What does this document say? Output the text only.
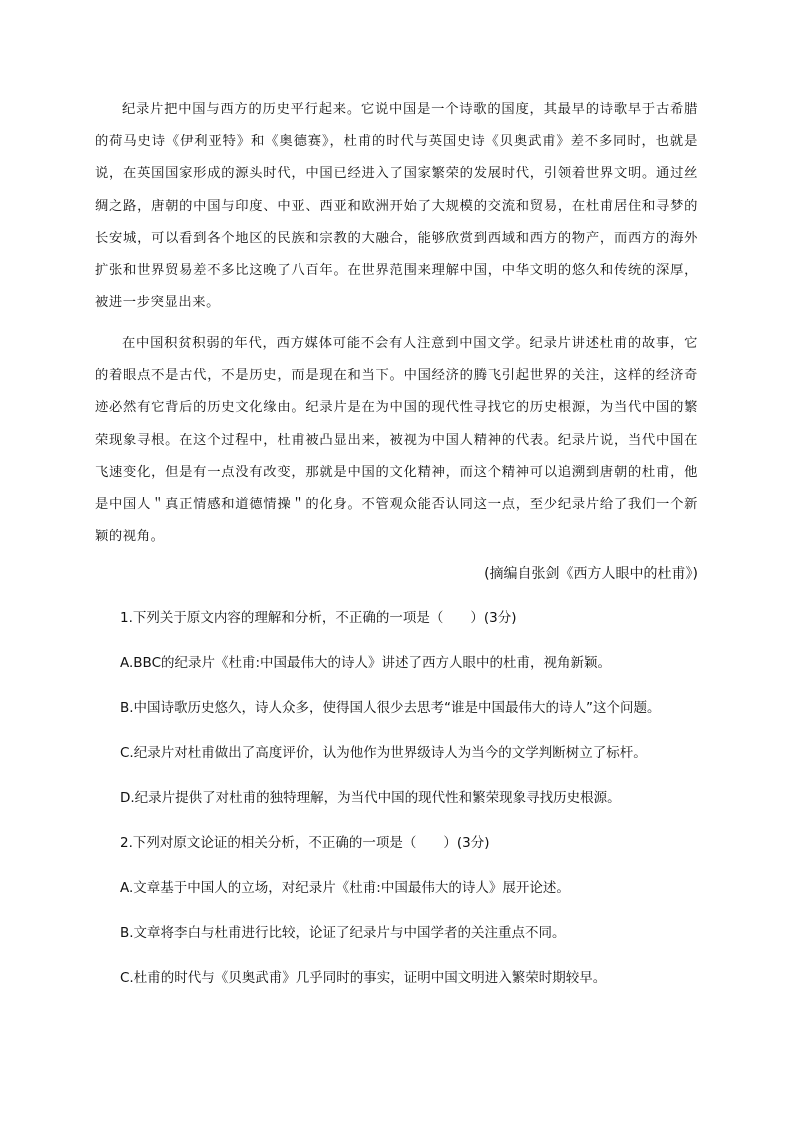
纪录片把中国与西方的历史平行起来。它说中国是一个诗歌的国度，其最早的诗歌早于古希腊的荷马史诗《伊利亚特》和《奥德赛》，杜甫的时代与英国史诗《贝奥武甫》差不多同时，也就是说，在英国国家形成的源头时代，中国已经进入了国家繁荣的发展时代，引领着世界文明。通过丝绸之路，唐朝的中国与印度、中亚、西亚和欧洲开始了大规模的交流和贸易，在杜甫居住和寻梦的长安城，可以看到各个地区的民族和宗教的大融合，能够欣赏到西域和西方的物产，而西方的海外扩张和世界贸易差不多比这晚了八百年。在世界范围来理解中国，中华文明的悠久和传统的深厚，被进一步突显出来。

在中国积贫积弱的年代，西方媒体可能不会有人注意到中国文学。纪录片讲述杜甫的故事，它的着眼点不是古代，不是历史，而是现在和当下。中国经济的腾飞引起世界的关注，这样的经济奇迹必然有它背后的历史文化缘由。纪录片是在为中国的现代性寻找它的历史根源，为当代中国的繁荣现象寻根。在这个过程中，杜甫被凸显出来，被视为中国人精神的代表。纪录片说，当代中国在飞速变化，但是有一点没有改变，那就是中国的文化精神，而这个精神可以追溯到唐朝的杜甫，他是中国人＂真正情感和道德情操＂的化身。不管观众能否认同这一点，至少纪录片给了我们一个新颖的视角。

(摘编自张剑《西方人眼中的杜甫》)
1.下列关于原文内容的理解和分析，不正确的一项是（　　）(3分)
A.BBC的纪录片《杜甫:中国最伟大的诗人》讲述了西方人眼中的杜甫，视角新颖。
B.中国诗歌历史悠久，诗人众多，使得国人很少去思考“谁是中国最伟大的诗人”这个问题。
C.纪录片对杜甫做出了高度评价，认为他作为世界级诗人为当今的文学判断树立了标杆。
D.纪录片提供了对杜甫的独特理解，为当代中国的现代性和繁荣现象寻找历史根源。
2.下列对原文论证的相关分析，不正确的一项是（　　）(3分)
A.文章基于中国人的立场，对纪录片《杜甫:中国最伟大的诗人》展开论述。
B.文章将李白与杜甫进行比较，论证了纪录片与中国学者的关注重点不同。
C.杜甫的时代与《贝奥武甫》几乎同时的事实，证明中国文明进入繁荣时期较早。
